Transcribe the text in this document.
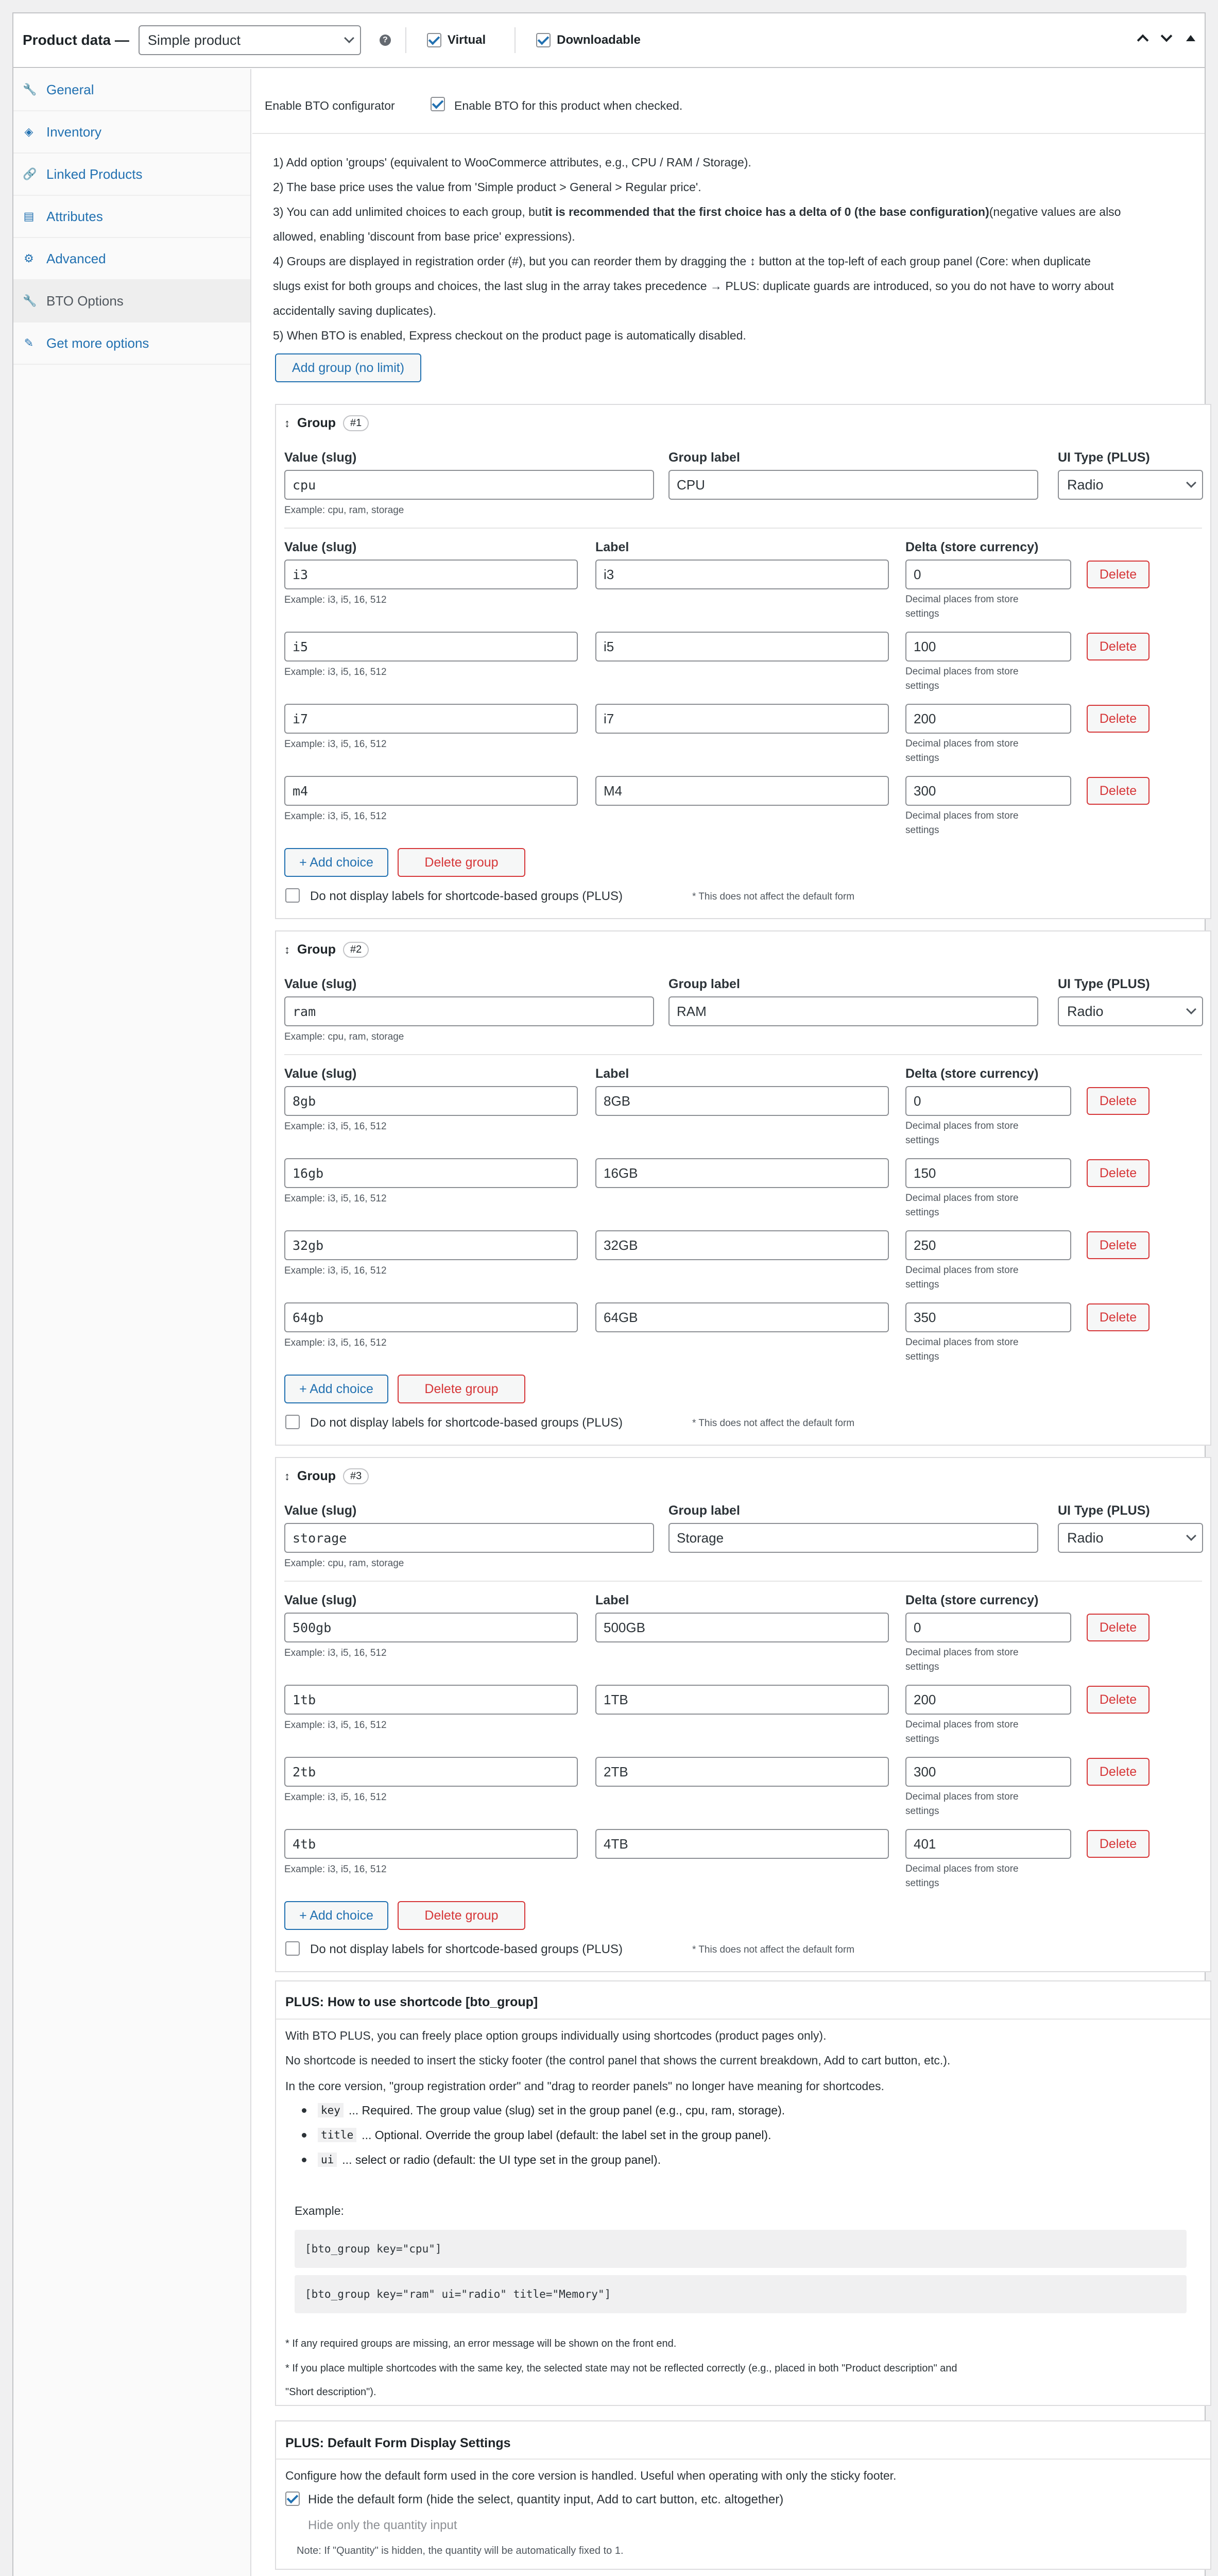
Product data — Simple product	?	Virtual	Downloadable
🔧 General
◈ Inventory
🔗 Linked Products
▤ Attributes
⚙ Advanced
🔧 BTO Options
✎ Get more options
Enable BTO configurator	Enable BTO for this product when checked.
1) Add option 'groups' (equivalent to WooCommerce attributes, e.g., CPU / RAM / Storage).
2) The base price uses the value from 'Simple product > General > Regular price'.
3) You can add unlimited choices to each group, butit is recommended that the first choice has a delta of 0 (the base configuration)(negative values are also
allowed, enabling 'discount from base price' expressions).
4) Groups are displayed in registration order (#), but you can reorder them by dragging the ↕ button at the top-left of each group panel (Core: when duplicate
slugs exist for both groups and choices, the last slug in the array takes precedence → PLUS: duplicate guards are introduced, so you do not have to worry about
accidentally saving duplicates).
5) When BTO is enabled, Express checkout on the product page is automatically disabled.
Add group (no limit)
↕ Group	#1
Value (slug)	Group label	UI Type (PLUS)
cpu	CPU	Radio
Example: cpu, ram, storage
Value (slug)	Label	Delta (store currency)
i3	i3	0	Delete
Example: i3, i5, 16, 512	Decimal places from store settings
i5	i5	100	Delete
Example: i3, i5, 16, 512	Decimal places from store settings
i7	i7	200	Delete
Example: i3, i5, 16, 512	Decimal places from store settings
m4	M4	300	Delete
Example: i3, i5, 16, 512	Decimal places from store settings
+ Add choice	Delete group
Do not display labels for shortcode-based groups (PLUS)	* This does not affect the default form
↕ Group	#2
Value (slug)	Group label	UI Type (PLUS)
ram	RAM	Radio
Example: cpu, ram, storage
Value (slug)	Label	Delta (store currency)
8gb	8GB	0	Delete
Example: i3, i5, 16, 512	Decimal places from store settings
16gb	16GB	150	Delete
Example: i3, i5, 16, 512	Decimal places from store settings
32gb	32GB	250	Delete
Example: i3, i5, 16, 512	Decimal places from store settings
64gb	64GB	350	Delete
Example: i3, i5, 16, 512	Decimal places from store settings
+ Add choice	Delete group
Do not display labels for shortcode-based groups (PLUS)	* This does not affect the default form
↕ Group	#3
Value (slug)	Group label	UI Type (PLUS)
storage	Storage	Radio
Example: cpu, ram, storage
Value (slug)	Label	Delta (store currency)
500gb	500GB	0	Delete
Example: i3, i5, 16, 512	Decimal places from store settings
1tb	1TB	200	Delete
Example: i3, i5, 16, 512	Decimal places from store settings
2tb	2TB	300	Delete
Example: i3, i5, 16, 512	Decimal places from store settings
4tb	4TB	401	Delete
Example: i3, i5, 16, 512	Decimal places from store settings
+ Add choice	Delete group
Do not display labels for shortcode-based groups (PLUS)	* This does not affect the default form
PLUS: How to use shortcode [bto_group]
With BTO PLUS, you can freely place option groups individually using shortcodes (product pages only).
No shortcode is needed to insert the sticky footer (the control panel that shows the current breakdown, Add to cart button, etc.).
In the core version, "group registration order" and "drag to reorder panels" no longer have meaning for shortcodes.
key ... Required. The group value (slug) set in the group panel (e.g., cpu, ram, storage).
title ... Optional. Override the group label (default: the label set in the group panel).
ui ... select or radio (default: the UI type set in the group panel).
Example:
[bto_group key="cpu"]
[bto_group key="ram" ui="radio" title="Memory"]
* If any required groups are missing, an error message will be shown on the front end.
* If you place multiple shortcodes with the same key, the selected state may not be reflected correctly (e.g., placed in both "Product description" and
"Short description").
PLUS: Default Form Display Settings
Configure how the default form used in the core version is handled. Useful when operating with only the sticky footer.
Hide the default form (hide the select, quantity input, Add to cart button, etc. altogether)
Hide only the quantity input
Note: If "Quantity" is hidden, the quantity will be automatically fixed to 1.
